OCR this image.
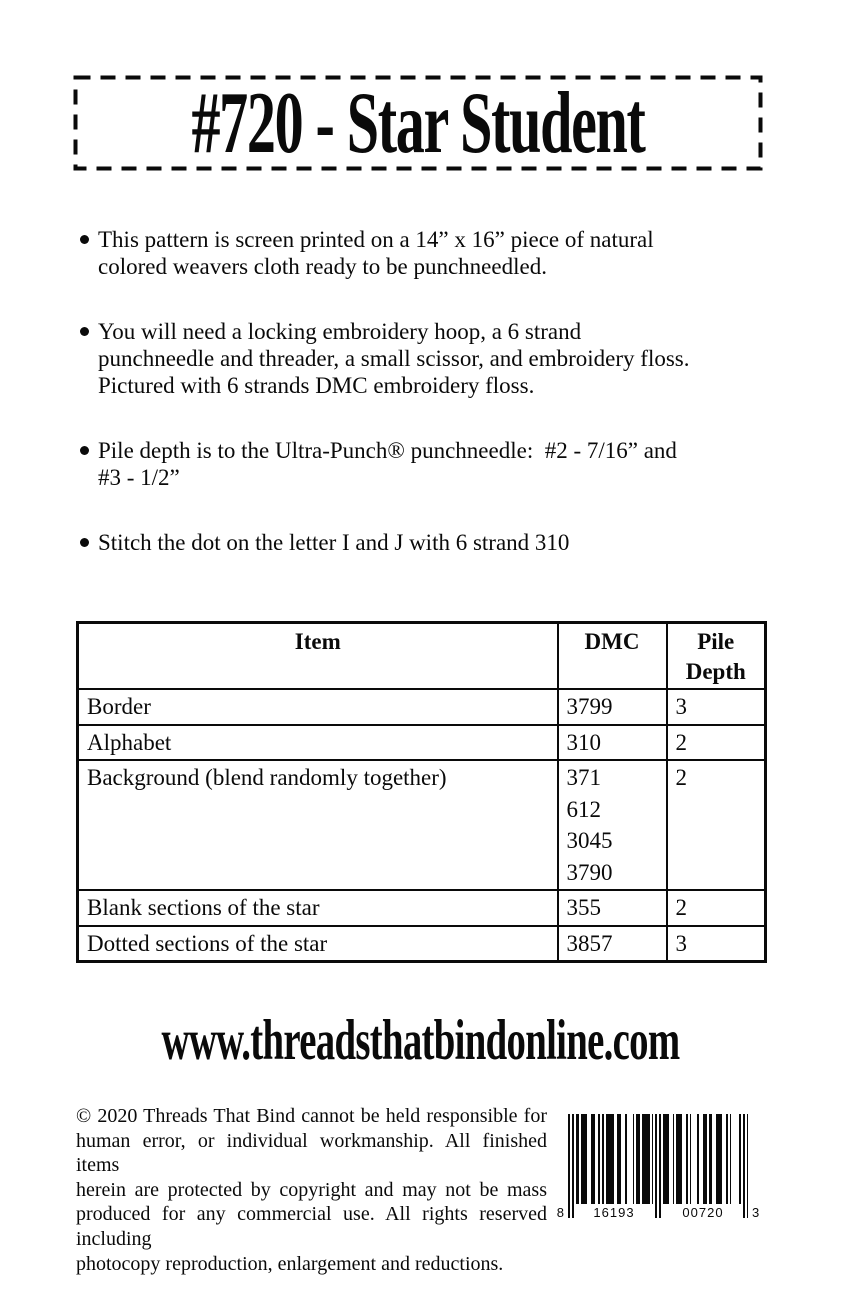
#720 - Star Student
This pattern is screen printed on a 14” x 16” piece of natural
colored weavers cloth ready to be punchneedled.
You will need a locking embroidery hoop, a 6 strand
punchneedle and threader, a small scissor, and embroidery floss.
Pictured with 6 strands DMC embroidery floss.
Pile depth is to the Ultra-Punch® punchneedle:  #2 - 7/16” and
#3 - 1/2”
Stitch the dot on the letter I and J with 6 strand 310
Item	DMC	Pile Depth
Border	3799	3
Alphabet	310	2
Background (blend randomly together)	371
612
3045
3790	2
Blank sections of the star	355	2
Dotted sections of the star	3857	3
www.threadsthatbindonline.com
© 2020 Threads That Bind cannot be held responsible for
human error, or individual workmanship. All finished items
herein are protected by copyright and may not be mass
produced for any commercial use. All rights reserved including
photocopy reproduction, enlargement and reductions.
8	16193	00720	3
